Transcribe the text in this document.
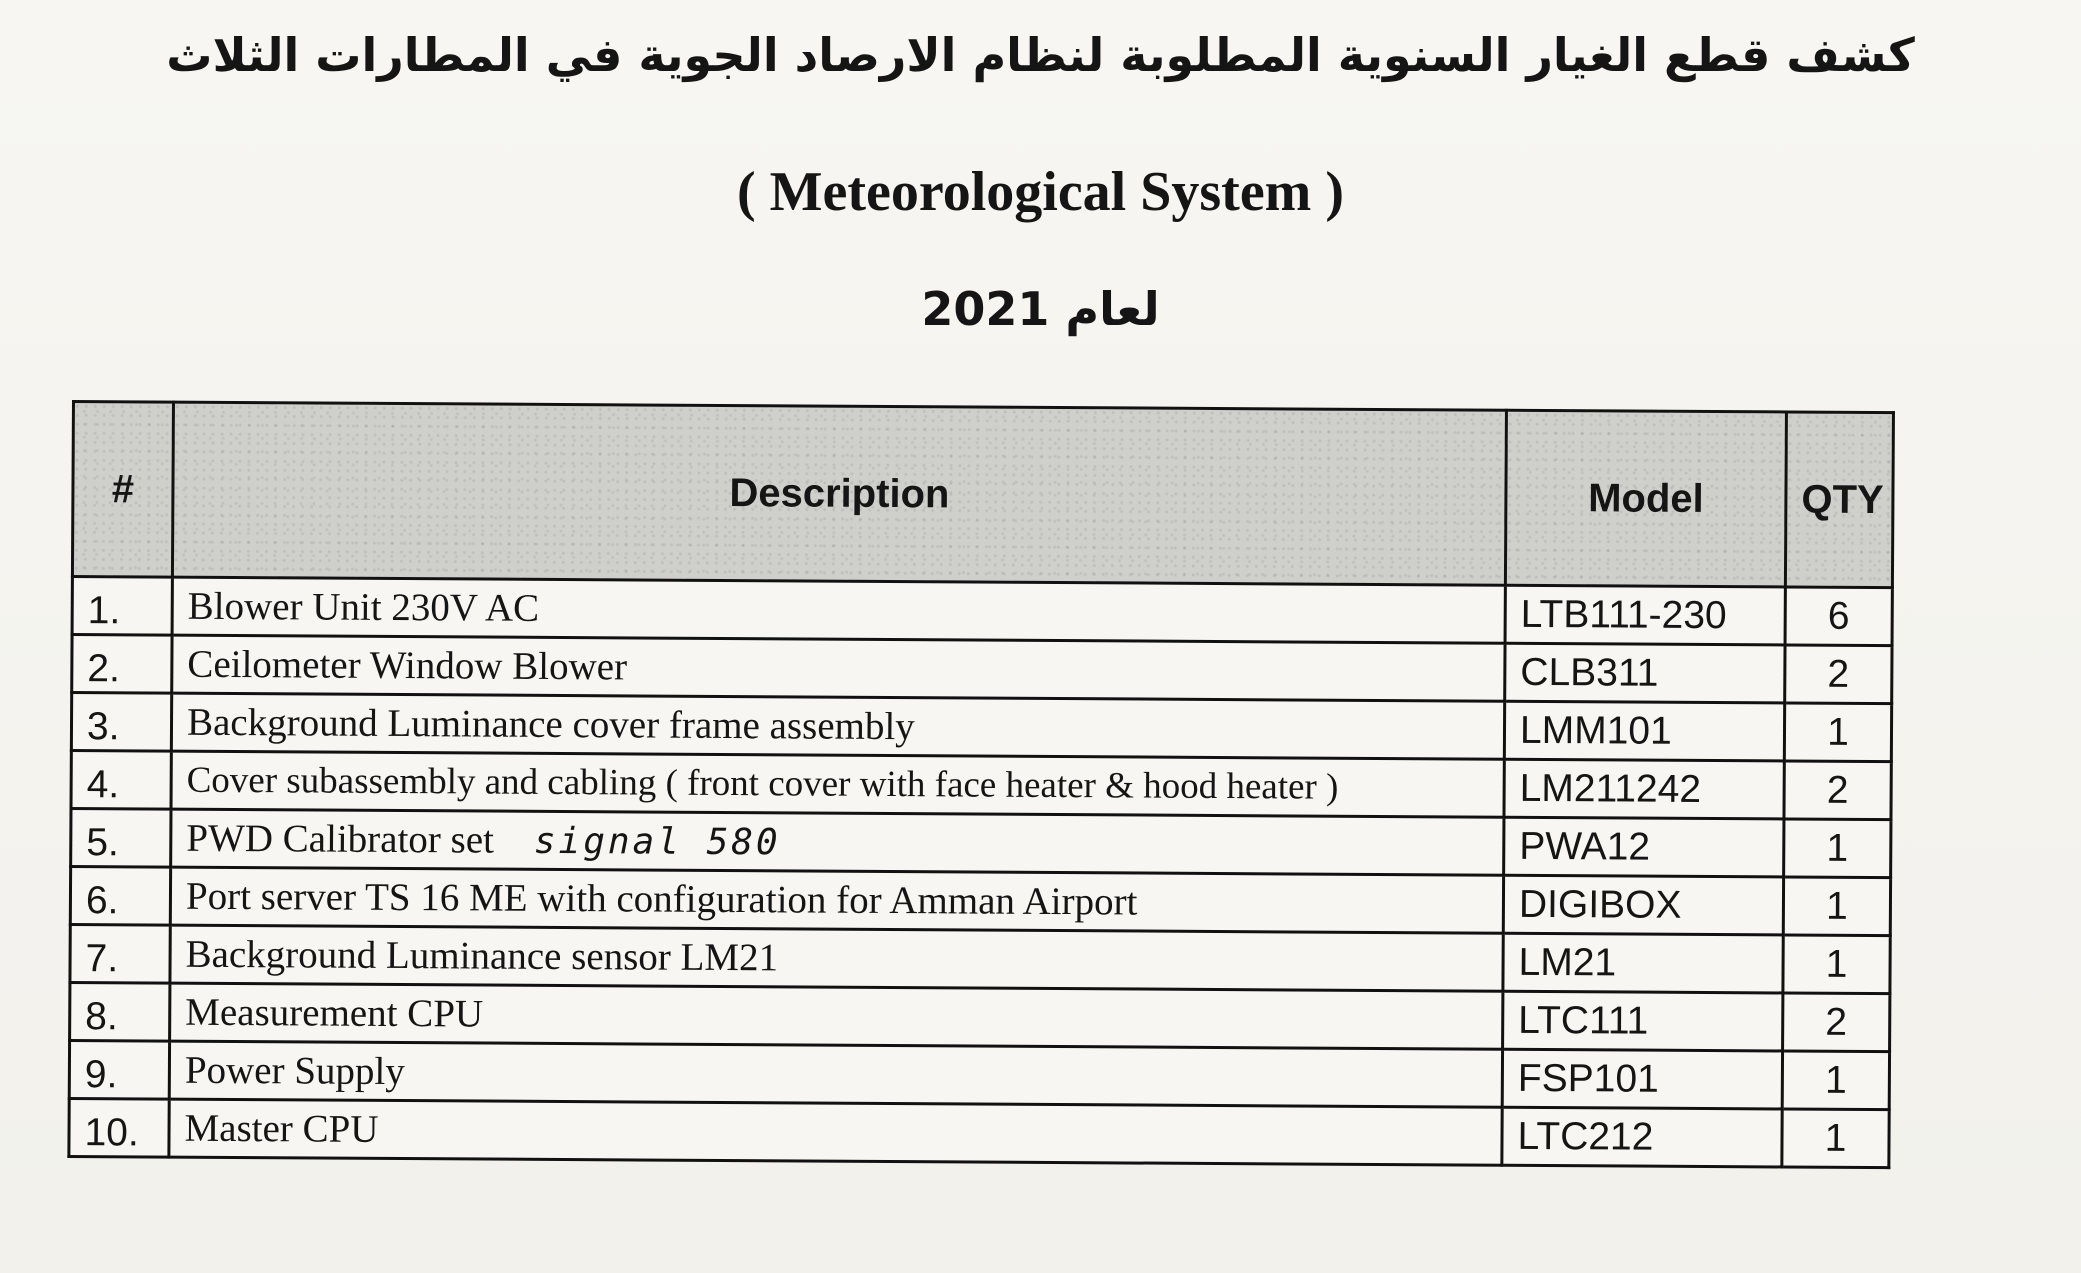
كشف قطع الغيار السنوية المطلوبة لنظام الارصاد الجوية في المطارات الثلاث
( Meteorological System )
لعام 2021
#	Description	Model	QTY
1.	Blower Unit 230V AC	LTB111-230	6
2.	Ceilometer Window Blower	CLB311	2
3.	Background Luminance cover frame assembly	LMM101	1
4.	Cover subassembly and cabling ( front cover with face heater & hood heater )	LM211242	2
5.	PWD Calibrator set signal 580	PWA12	1
6.	Port server TS 16 ME with configuration for Amman Airport	DIGIBOX	1
7.	Background Luminance sensor LM21	LM21	1
8.	Measurement CPU	LTC111	2
9.	Power Supply	FSP101	1
10.	Master CPU	LTC212	1
